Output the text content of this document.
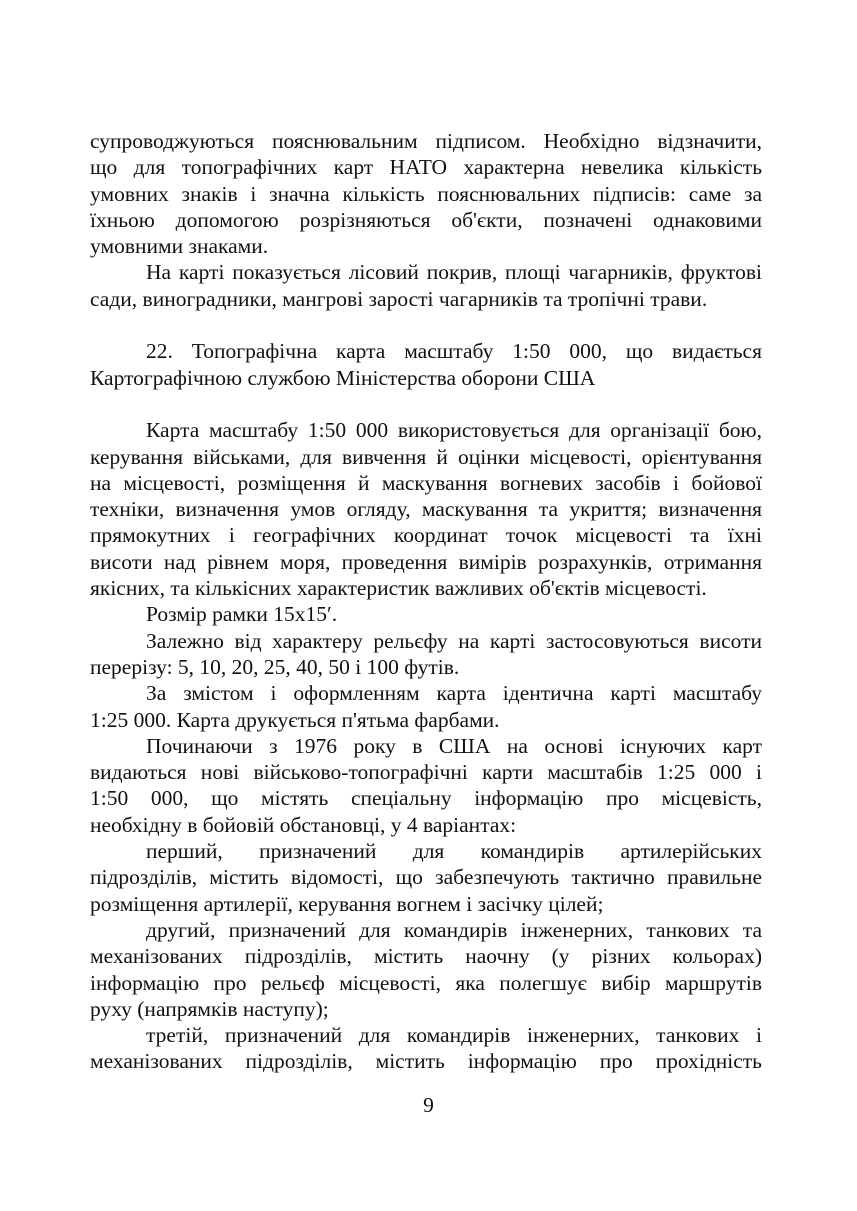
супроводжуються пояснювальним підписом. Необхідно відзначити,
що для топографічних карт НАТО характерна невелика кількість
умовних знаків і значна кількість пояснювальних підписів: саме за
їхньою допомогою розрізняються об'єкти, позначені однаковими
умовними знаками.
На карті показується лісовий покрив, площі чагарників, фруктові
сади, виноградники, мангрові зарості чагарників та тропічні трави.
22. Топографічна карта масштабу 1:50 000, що видається
Картографічною службою Міністерства оборони США
Карта масштабу 1:50 000 використовується для організації бою,
керування військами, для вивчення й оцінки місцевості, орієнтування
на місцевості, розміщення й маскування вогневих засобів і бойової
техніки, визначення умов огляду, маскування та укриття; визначення
прямокутних і географічних координат точок місцевості та їхні
висоти над рівнем моря, проведення вимірів розрахунків, отримання
якісних, та кількісних характеристик важливих об'єктів місцевості.
Розмір рамки 15х15′.
Залежно від характеру рельєфу на карті застосовуються висоти
перерізу: 5, 10, 20, 25, 40, 50 і 100 футів.
За змістом і оформленням карта ідентична карті масштабу
1:25 000. Карта друкується п'ятьма фарбами.
Починаючи з 1976 року в США на основі існуючих карт
видаються нові військово-топографічні карти масштабів 1:25 000 і
1:50 000, що містять спеціальну інформацію про місцевість,
необхідну в бойовій обстановці, у 4 варіантах:
перший, призначений для командирів артилерійських
підрозділів, містить відомості, що забезпечують тактично правильне
розміщення артилерії, керування вогнем і засічку цілей;
другий, призначений для командирів інженерних, танкових та
механізованих підрозділів, містить наочну (у різних кольорах)
інформацію про рельєф місцевості, яка полегшує вибір маршрутів
руху (напрямків наступу);
третій, призначений для командирів інженерних, танкових і
механізованих підрозділів, містить інформацію про прохідність
9
